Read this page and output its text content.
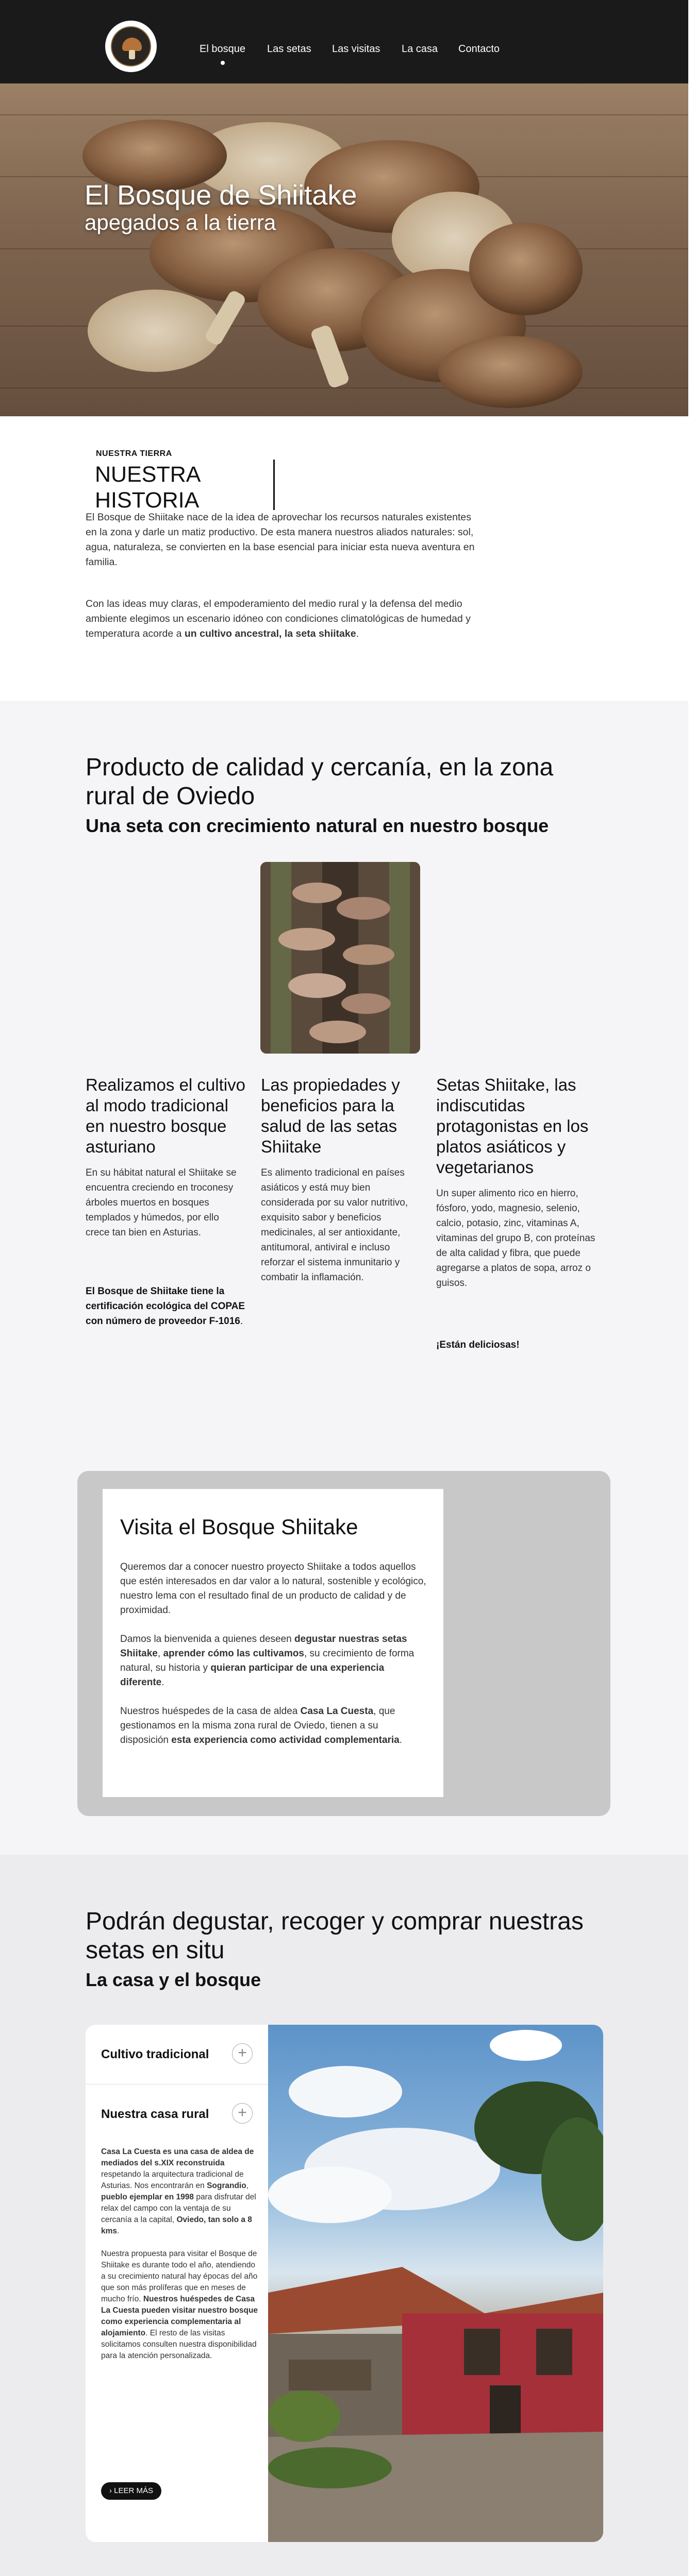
El bosque Las setas Las visitas La casa Contacto
El Bosque de Shiitake
apegados a la tierra
NUESTRA TIERRA
NUESTRA HISTORIA
El Bosque de Shiitake nace de la idea de aprovechar los recursos naturales existentes en la zona y darle un matiz productivo. De esta manera nuestros aliados naturales: sol, agua, naturaleza, se convierten en la base esencial para iniciar esta nueva aventura en familia.
Con las ideas muy claras, el empoderamiento del medio rural y la defensa del medio ambiente elegimos un escenario idóneo con condiciones climatológicas de humedad y temperatura acorde a un cultivo ancestral, la seta shiitake.
Producto de calidad y cercanía, en la zona rural de Oviedo
Una seta con crecimiento natural en nuestro bosque
Realizamos el cultivo al modo tradicional en nuestro bosque asturiano
En su hábitat natural el Shiitake se encuentra creciendo en troconesy árboles muertos en bosques templados y húmedos, por ello crece tan bien en Asturias.
El Bosque de Shiitake tiene la certificación ecológica del COPAE con número de proveedor F-1016.
Las propiedades y beneficios para la salud de las setas Shiitake
Es alimento tradicional en países asiáticos y está muy bien considerada por su valor nutritivo, exquisito sabor y beneficios medicinales, al ser antioxidante, antitumoral, antiviral e incluso reforzar el sistema inmunitario y combatir la inflamación.
Setas Shiitake, las indiscutidas protagonistas en los platos asiáticos y vegetarianos
Un super alimento rico en hierro, fósforo, yodo, magnesio, selenio, calcio, potasio, zinc, vitaminas A, vitaminas del grupo B, con proteínas de alta calidad y fibra, que puede agregarse a platos de sopa, arroz o guisos.
¡Están deliciosas!
Visita el Bosque Shiitake

Queremos dar a conocer nuestro proyecto Shiitake a todos aquellos que estén interesados en dar valor a lo natural, sostenible y ecológico, nuestro lema con el resultado final de un producto de calidad y de proximidad.

Damos la bienvenida a quienes deseen degustar nuestras setas Shiitake, aprender cómo las cultivamos, su crecimiento de forma natural, su historia y quieran participar de una experiencia diferente.

Nuestros huéspedes de la casa de aldea Casa La Cuesta, que gestionamos en la misma zona rural de Oviedo, tienen a su disposición esta experiencia como actividad complementaria.

Podrán degustar, recoger y comprar nuestras setas en situ
La casa y el bosque
Cultivo tradicional	+
Nuestra casa rural	+

Casa La Cuesta es una casa de aldea de mediados del s.XIX reconstruida respetando la arquitectura tradicional de Asturias. Nos encontrarán en Sograndio, pueblo ejemplar en 1998 para disfrutar del relax del campo con la ventaja de su cercanía a la capital, Oviedo, tan solo a 8 kms.

Nuestra propuesta para visitar el Bosque de Shiitake es durante todo el año, atendiendo a su crecimiento natural hay épocas del año que son más prolíferas que en meses de mucho frío. Nuestros huéspedes de Casa La Cuesta pueden visitar nuestro bosque como experiencia complementaria al alojamiento. El resto de las visitas solicitamos consulten nuestra disponibilidad para la atención personalizada.

› LEER MÁS
